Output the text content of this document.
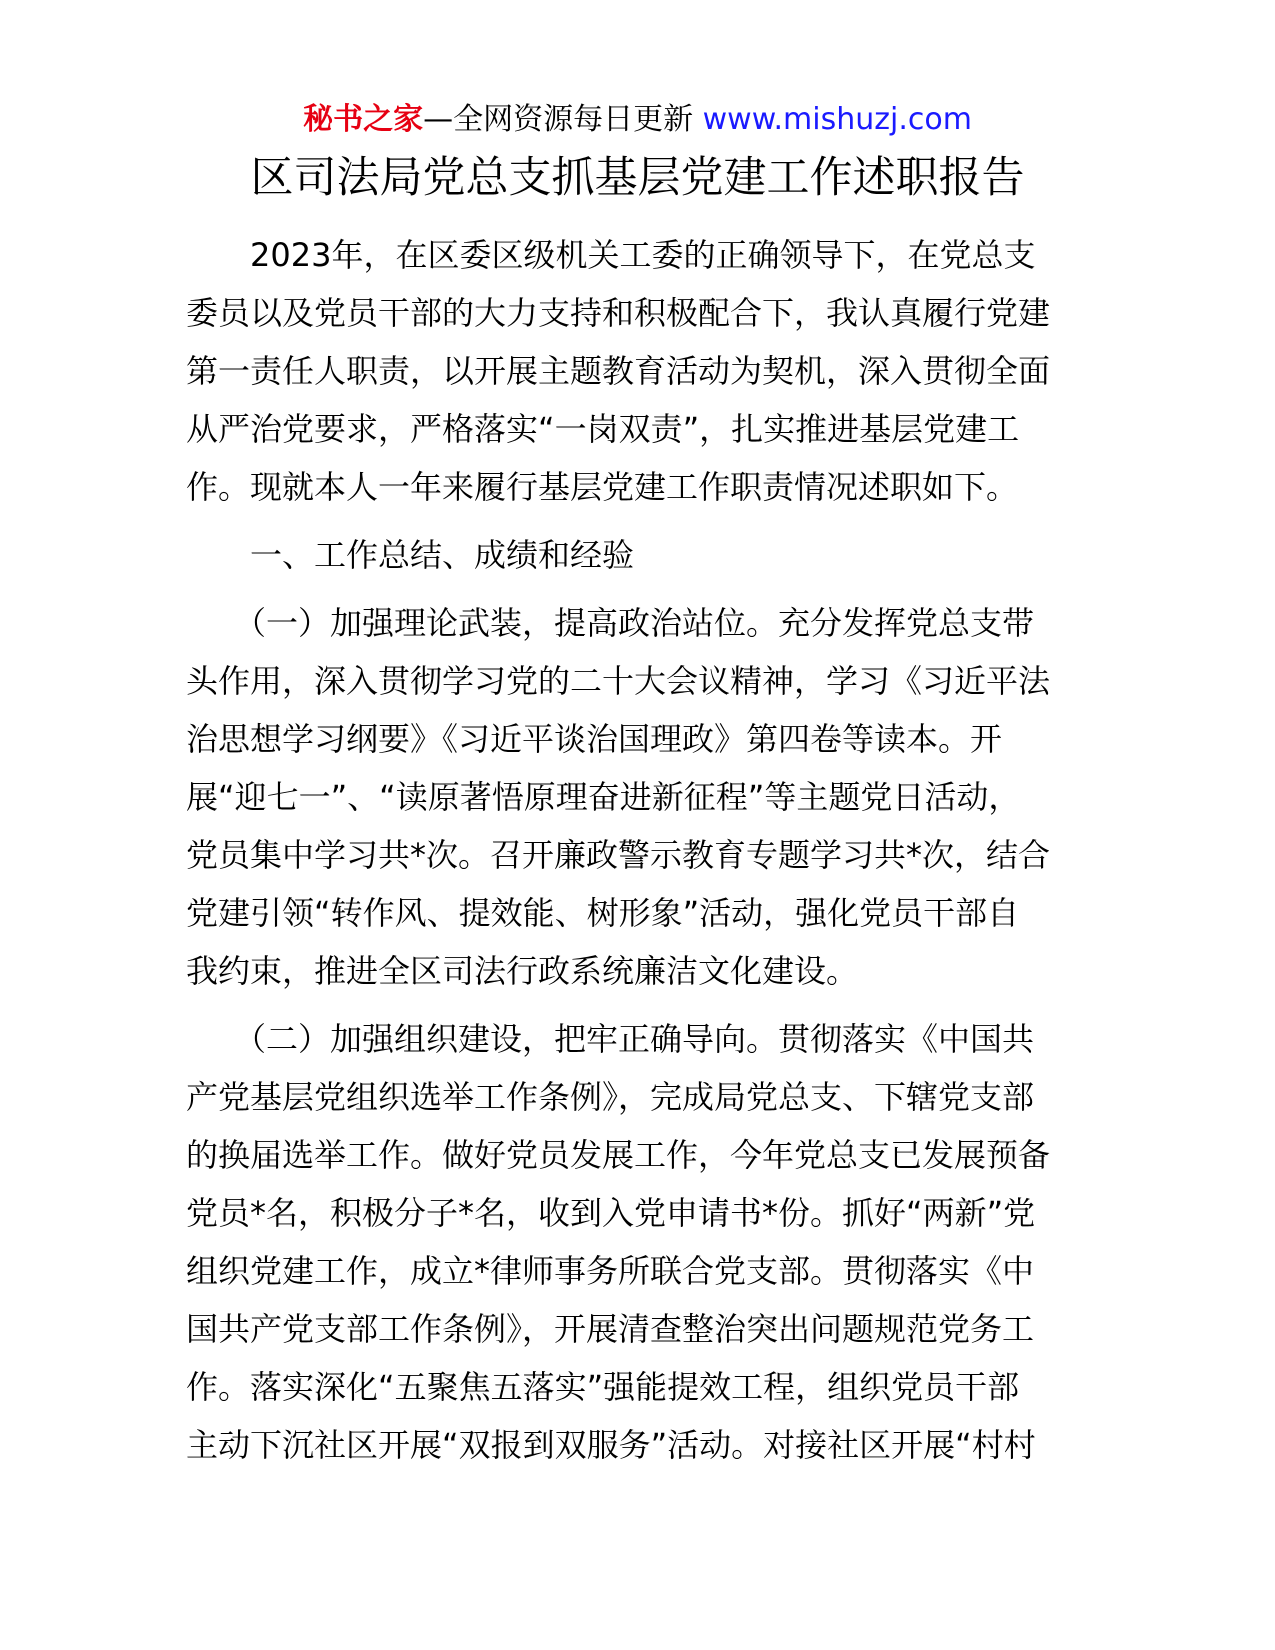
秘书之家—全网资源每日更新 www.mishuzj.com
区司法局党总支抓基层党建工作述职报告
　　2023年，在区委区级机关工委的正确领导下，在党总支
委员以及党员干部的大力支持和积极配合下，我认真履行党建
第一责任人职责，以开展主题教育活动为契机，深入贯彻全面
从严治党要求，严格落实“一岗双责”，扎实推进基层党建工
作。现就本人一年来履行基层党建工作职责情况述职如下。
　　一、工作总结、成绩和经验
　　（一）加强理论武装，提高政治站位。充分发挥党总支带
头作用，深入贯彻学习党的二十大会议精神，学习《习近平法
治思想学习纲要》《习近平谈治国理政》第四卷等读本。开
展“迎七一”、“读原著悟原理奋进新征程”等主题党日活动，
党员集中学习共*次。召开廉政警示教育专题学习共*次，结合
党建引领“转作风、提效能、树形象”活动，强化党员干部自
我约束，推进全区司法行政系统廉洁文化建设。
　　（二）加强组织建设，把牢正确导向。贯彻落实《中国共
产党基层党组织选举工作条例》，完成局党总支、下辖党支部
的换届选举工作。做好党员发展工作，今年党总支已发展预备
党员*名，积极分子*名，收到入党申请书*份。抓好“两新”党
组织党建工作，成立*律师事务所联合党支部。贯彻落实《中
国共产党支部工作条例》，开展清查整治突出问题规范党务工
作。落实深化“五聚焦五落实”强能提效工程，组织党员干部
主动下沉社区开展“双报到双服务”活动。对接社区开展“村村
